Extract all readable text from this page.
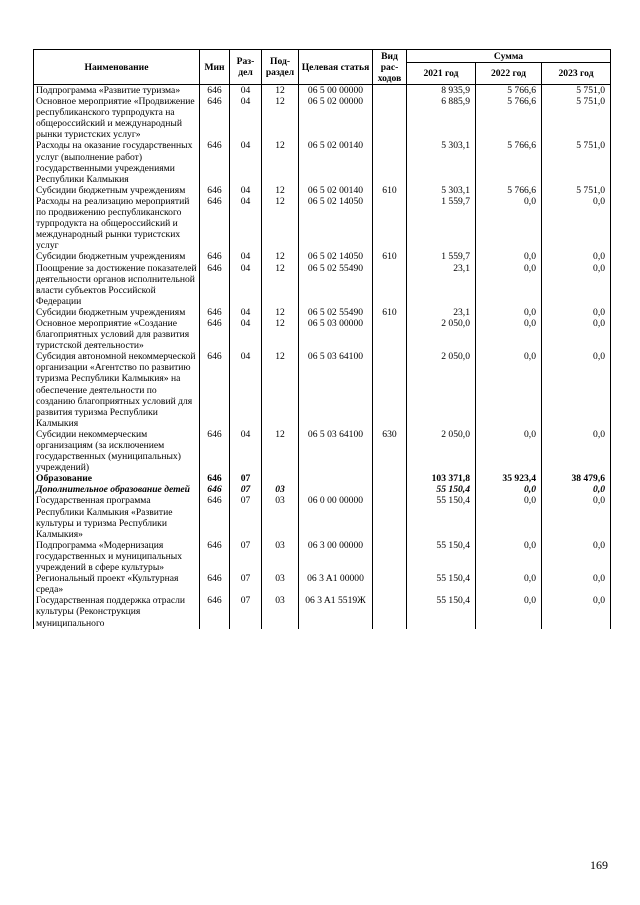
Наименование	Мин	Раз-дел	Под-раздел	Целевая статья	Вид рас-ходов	Сумма		
						2021 год	2022 год	2023 год
Подпрограмма «Развитие туризма»	646	04	12	06 5 00 00000		8 935,9	5 766,6	5 751,0
Основное мероприятие «Продвижение республиканского турпродукта на общероссийский и международный рынки туристских услуг»	646	04	12	06 5 02 00000		6 885,9	5 766,6	5 751,0
Расходы на оказание государственных услуг (выполнение работ) государственными учреждениями Республики Калмыкия	646	04	12	06 5 02 00140		5 303,1	5 766,6	5 751,0
Субсидии бюджетным учреждениям	646	04	12	06 5 02 00140	610	5 303,1	5 766,6	5 751,0
Расходы на реализацию мероприятий по продвижению республиканского турпродукта на общероссийский и международный рынки туристских услуг	646	04	12	06 5 02 14050		1 559,7	0,0	0,0
Субсидии бюджетным учреждениям	646	04	12	06 5 02 14050	610	1 559,7	0,0	0,0
Поощрение за достижение показателей деятельности органов исполнительной власти субъектов Российской Федерации	646	04	12	06 5 02 55490		23,1	0,0	0,0
Субсидии бюджетным учреждениям	646	04	12	06 5 02 55490	610	23,1	0,0	0,0
Основное мероприятие «Создание благоприятных условий для развития туристской деятельности»	646	04	12	06 5 03 00000		2 050,0	0,0	0,0
Субсидия автономной некоммерческой организации «Агентство по развитию туризма Республики Калмыкия» на обеспечение деятельности по созданию благоприятных условий для развития туризма Республики Калмыкия	646	04	12	06 5 03 64100		2 050,0	0,0	0,0
Субсидии некоммерческим организациям (за исключением государственных (муниципальных) учреждений)	646	04	12	06 5 03 64100	630	2 050,0	0,0	0,0
Образование	646	07				103 371,8	35 923,4	38 479,6
Дополнительное образование детей	646	07	03			55 150,4	0,0	0,0
Государственная программа Республики Калмыкия «Развитие культуры и туризма Республики Калмыкия»	646	07	03	06 0 00 00000		55 150,4	0,0	0,0
Подпрограмма «Модернизация государственных и муниципальных учреждений в сфере культуры»	646	07	03	06 3 00 00000		55 150,4	0,0	0,0
Региональный проект «Культурная среда»	646	07	03	06 3 A1 00000		55 150,4	0,0	0,0
Государственная поддержка отрасли культуры (Реконструкция муниципального	646	07	03	06 3 A1 5519Ж		55 150,4	0,0	0,0
169
